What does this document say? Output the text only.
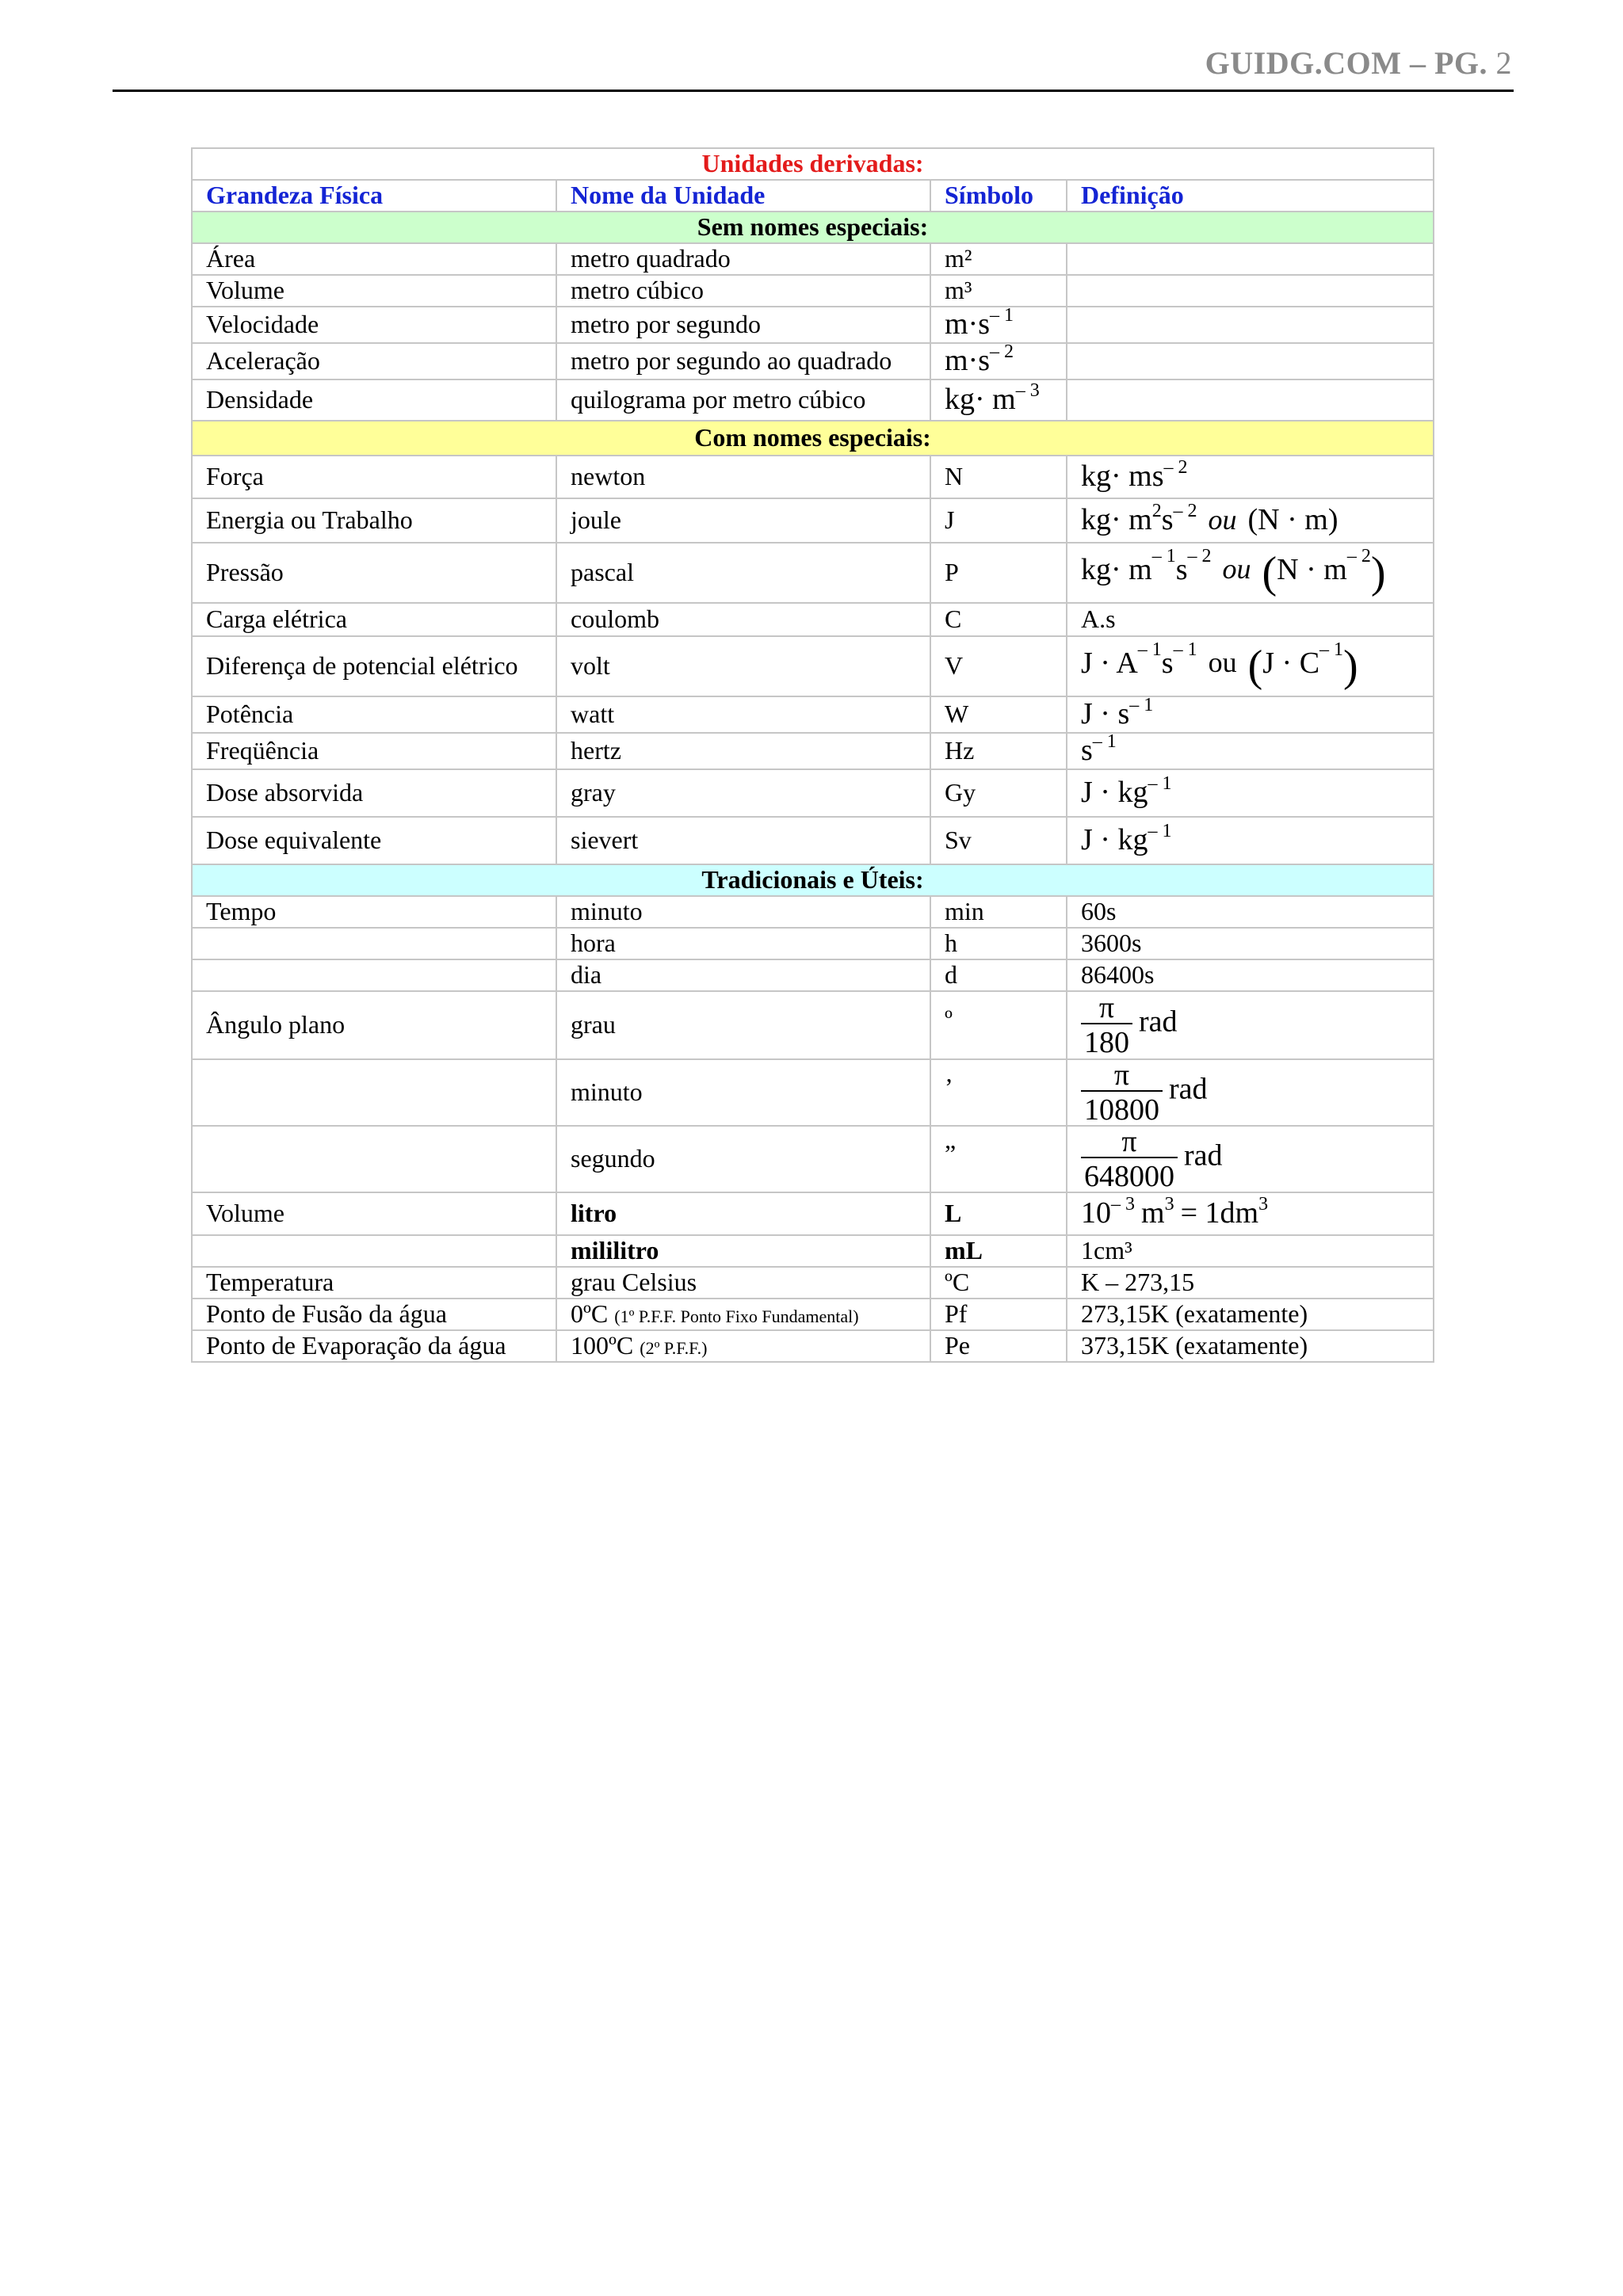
GUIDG.COM – PG. 2
Unidades derivadas:			
Grandeza Física	Nome da Unidade	Símbolo	Definição
Sem nomes especiais:			
Área	metro quadrado	m²	
Volume	metro cúbico	m³	
Velocidade	metro por segundo	$m\cdot s^{- 1}$	
Aceleração	metro por segundo ao quadrado	$m\cdot s^{- 2}$	
Densidade	quilograma por metro cúbico	$kg\cdot m^{- 3}$	
Com nomes especiais:			
Força	newton	N	$kg\cdot ms^{- 2}$
Energia ou Trabalho	joule	J	$kg\cdot m^2s^{- 2}$ ou (N · m)
Pressão	pascal	P	$kg\cdot m^{- 1}s^{- 2}$ ou $(N \cdot m^{- 2})$
Carga elétrica	coulomb	C	A.s
Diferença de potencial elétrico	volt	V	$J \cdot A^{- 1}s^{- 1}$ ou $(J \cdot C^{- 1})$
Potência	watt	W	$J \cdot s^{- 1}$
Freqüência	hertz	Hz	$s^{- 1}$
Dose absorvida	gray	Gy	$J \cdot kg^{- 1}$
Dose equivalente	sievert	Sv	$J \cdot kg^{- 1}$
Tradicionais e Úteis:			
Tempo	minuto	min	60s
	hora	h	3600s
	dia	d	86400s
Ângulo plano	grau	º	$\frac{\pi}{180}$ rad
	minuto	’	$\frac{\pi}{10800}$ rad
	segundo	”	$\frac{\pi}{648000}$ rad
Volume	litro	L	$10^{- 3}$ $m^3 = 1dm^3$
	mililitro	mL	1cm³
Temperatura	grau Celsius	ºC	K – 273,15
Ponto de Fusão da água	0ºC (1º P.F.F. Ponto Fixo Fundamental)	Pf	273,15K (exatamente)
Ponto de Evaporação da água	100ºC (2º P.F.F.)	Pe	373,15K (exatamente)
